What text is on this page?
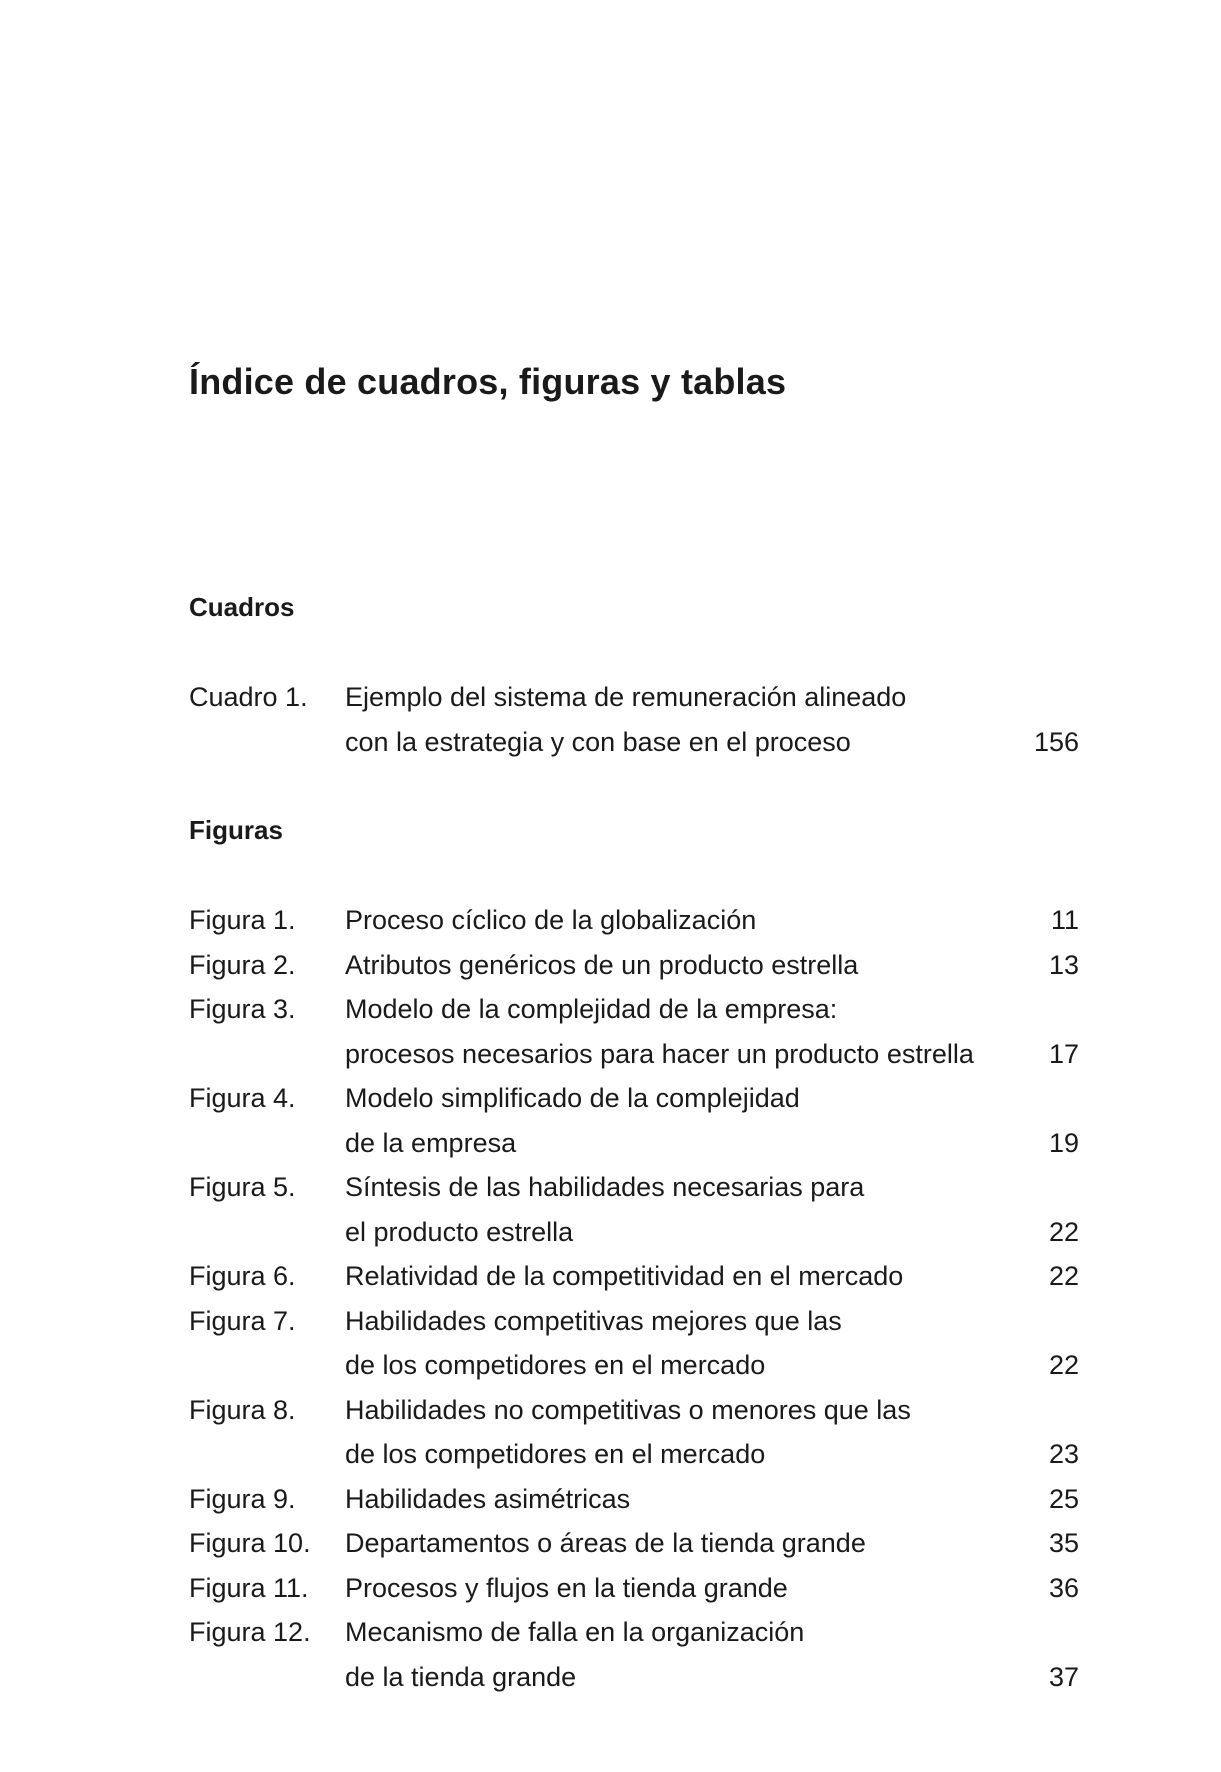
Índice de cuadros, figuras y tablas
Cuadros
Cuadro 1.	Ejemplo del sistema de remuneración alineado
con la estrategia y con base en el proceso	156
Figuras
Figura 1.	Proceso cíclico de la globalización	11
Figura 2.	Atributos genéricos de un producto estrella	13
Figura 3.	Modelo de la complejidad de la empresa:
procesos necesarios para hacer un producto estrella	17
Figura 4.	Modelo simplificado de la complejidad
de la empresa	19
Figura 5.	Síntesis de las habilidades necesarias para
el producto estrella	22
Figura 6.	Relatividad de la competitividad en el mercado	22
Figura 7.	Habilidades competitivas mejores que las
de los competidores en el mercado	22
Figura 8.	Habilidades no competitivas o menores que las
de los competidores en el mercado	23
Figura 9.	Habilidades asimétricas	25
Figura 10.	Departamentos o áreas de la tienda grande	35
Figura 11.	Procesos y flujos en la tienda grande	36
Figura 12.	Mecanismo de falla en la organización
de la tienda grande	37
